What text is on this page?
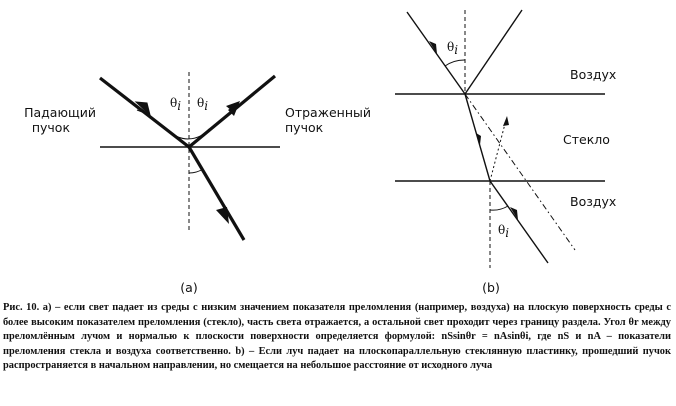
Падающий
пучок
Отраженный
пучок
θi θi
(a)
θi
θi
Воздух
Стекло
Воздух
(b)
Рис. 10. а) – если свет падает из среды с низким значением показателя преломления (например, воздуха) на плоскую поверхность среды с более высоким показателем преломления (стекло), часть света отражается, а остальной свет проходит через границу раздела. Угол θr между преломлённым лучом и нормалью к плоскости поверхности определяется формулой: nSsinθr = nAsinθi, где nS и nA – показатели преломления стекла и воздуха соответственно. b) – Если луч падает на плоскопараллельную стеклянную пластинку, прошедший пучок распространяется в начальном направлении, но смещается на небольшое расстояние от исходного луча
